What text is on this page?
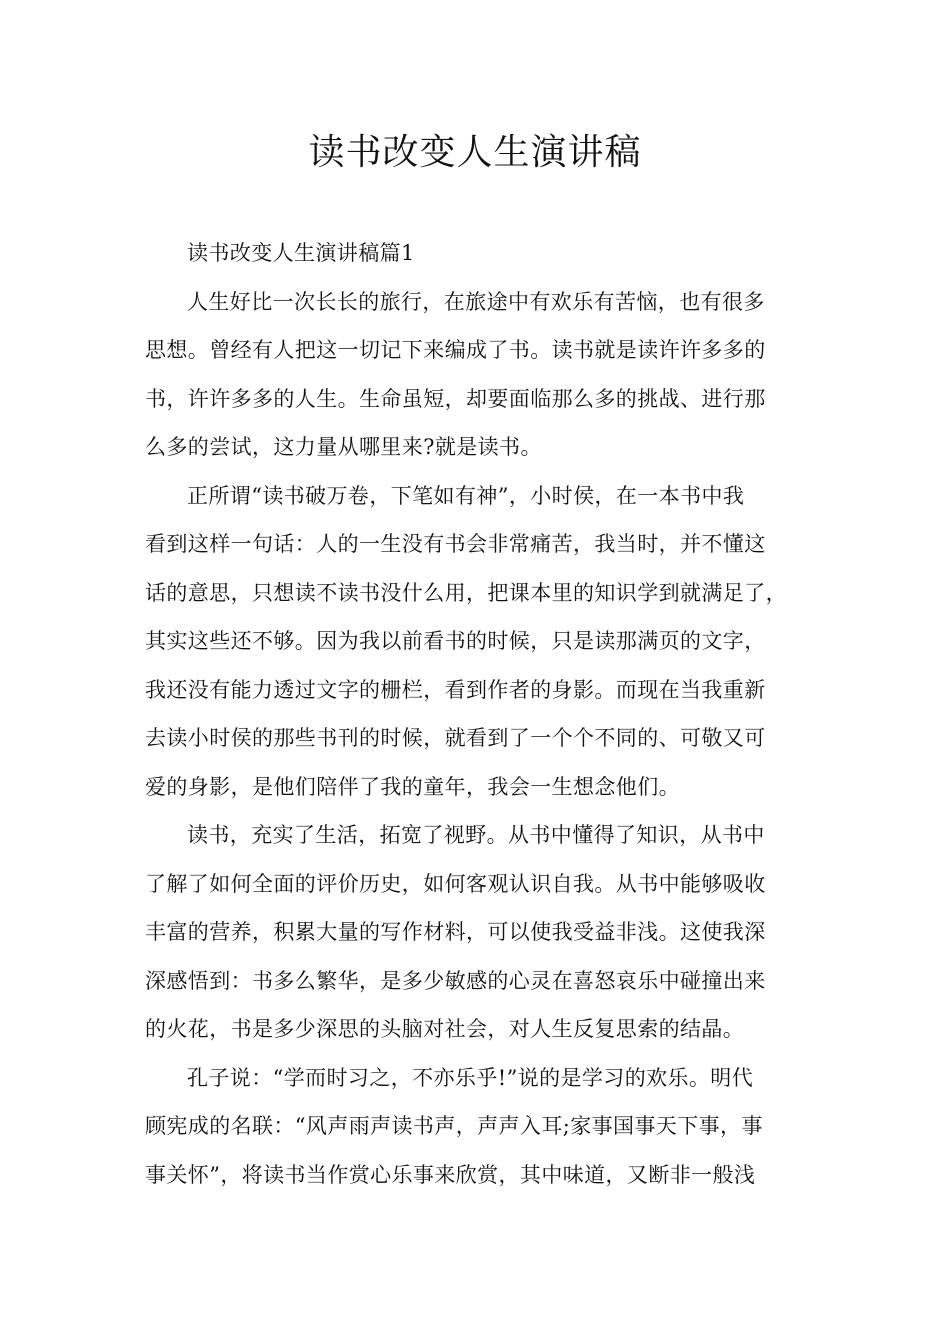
读书改变人生演讲稿

读书改变人生演讲稿篇1

人生好比一次长长的旅行，在旅途中有欢乐有苦恼，也有很多
思想。曾经有人把这一切记下来编成了书。读书就是读许许多多的
书，许许多多的人生。生命虽短，却要面临那么多的挑战、进行那
么多的尝试，这力量从哪里来?就是读书。

正所谓“读书破万卷，下笔如有神”，小时侯，在一本书中我
看到这样一句话：人的一生没有书会非常痛苦，我当时，并不懂这
话的意思，只想读不读书没什么用，把课本里的知识学到就满足了，
其实这些还不够。因为我以前看书的时候，只是读那满页的文字，
我还没有能力透过文字的栅栏，看到作者的身影。而现在当我重新
去读小时侯的那些书刊的时候，就看到了一个个不同的、可敬又可
爱的身影，是他们陪伴了我的童年，我会一生想念他们。

读书，充实了生活，拓宽了视野。从书中懂得了知识，从书中
了解了如何全面的评价历史，如何客观认识自我。从书中能够吸收
丰富的营养，积累大量的写作材料，可以使我受益非浅。这使我深
深感悟到：书多么繁华，是多少敏感的心灵在喜怒哀乐中碰撞出来
的火花，书是多少深思的头脑对社会，对人生反复思索的结晶。

孔子说：“学而时习之，不亦乐乎!”说的是学习的欢乐。明代
顾宪成的名联：“风声雨声读书声，声声入耳;家事国事天下事，事
事关怀”，将读书当作赏心乐事来欣赏，其中味道，又断非一般浅
